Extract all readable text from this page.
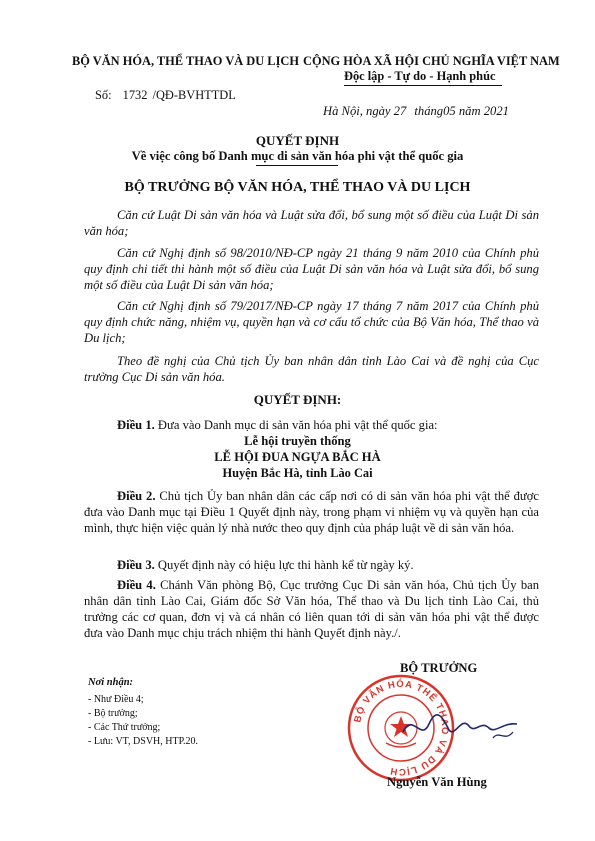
BỘ VĂN HÓA, THỂ THAO VÀ DU LỊCH
Số: 1732 /QĐ-BVHTTDL
CỘNG HÒA XÃ HỘI CHỦ NGHĨA VIỆT NAM
Độc lập - Tự do - Hạnh phúc
Hà Nội, ngày 27 tháng05 năm 2021
QUYẾT ĐỊNH
Về việc công bố Danh mục di sản văn hóa phi vật thể quốc gia
BỘ TRƯỞNG BỘ VĂN HÓA, THỂ THAO VÀ DU LỊCH
Căn cứ Luật Di sản văn hóa và Luật sửa đổi, bổ sung một số điều của Luật Di sản văn hóa;
Căn cứ Nghị định số 98/2010/NĐ-CP ngày 21 tháng 9 năm 2010 của Chính phủ quy định chi tiết thi hành một số điều của Luật Di sản văn hóa và Luật sửa đổi, bổ sung một số điều của Luật Di sản văn hóa;
Căn cứ Nghị định số 79/2017/NĐ-CP ngày 17 tháng 7 năm 2017 của Chính phủ quy định chức năng, nhiệm vụ, quyền hạn và cơ cấu tổ chức của Bộ Văn hóa, Thể thao và Du lịch;
Theo đề nghị của Chủ tịch Ủy ban nhân dân tỉnh Lào Cai và đề nghị của Cục trưởng Cục Di sản văn hóa.
QUYẾT ĐỊNH:
Điều 1. Đưa vào Danh mục di sản văn hóa phi vật thể quốc gia:
Lễ hội truyền thống
LỄ HỘI ĐUA NGỰA BẮC HÀ
Huyện Bắc Hà, tỉnh Lào Cai
Điều 2. Chủ tịch Ủy ban nhân dân các cấp nơi có di sản văn hóa phi vật thể được đưa vào Danh mục tại Điều 1 Quyết định này, trong phạm vi nhiệm vụ và quyền hạn của mình, thực hiện việc quản lý nhà nước theo quy định của pháp luật về di sản văn hóa.
Điều 3. Quyết định này có hiệu lực thi hành kể từ ngày ký.
Điều 4. Chánh Văn phòng Bộ, Cục trưởng Cục Di sản văn hóa, Chủ tịch Ủy ban nhân dân tỉnh Lào Cai, Giám đốc Sở Văn hóa, Thể thao và Du lịch tỉnh Lào Cai, thủ trưởng các cơ quan, đơn vị và cá nhân có liên quan tới di sản văn hóa phi vật thể được đưa vào Danh mục chịu trách nhiệm thi hành Quyết định này./.
Nơi nhận:
- Như Điều 4;
- Bộ trưởng;
- Các Thứ trưởng;
- Lưu: VT, DSVH, HTP.20.
BỘ TRƯỞNG
BỘ VĂN HÓA THỂ THAO VÀ DU LỊCH
Nguyễn Văn Hùng
